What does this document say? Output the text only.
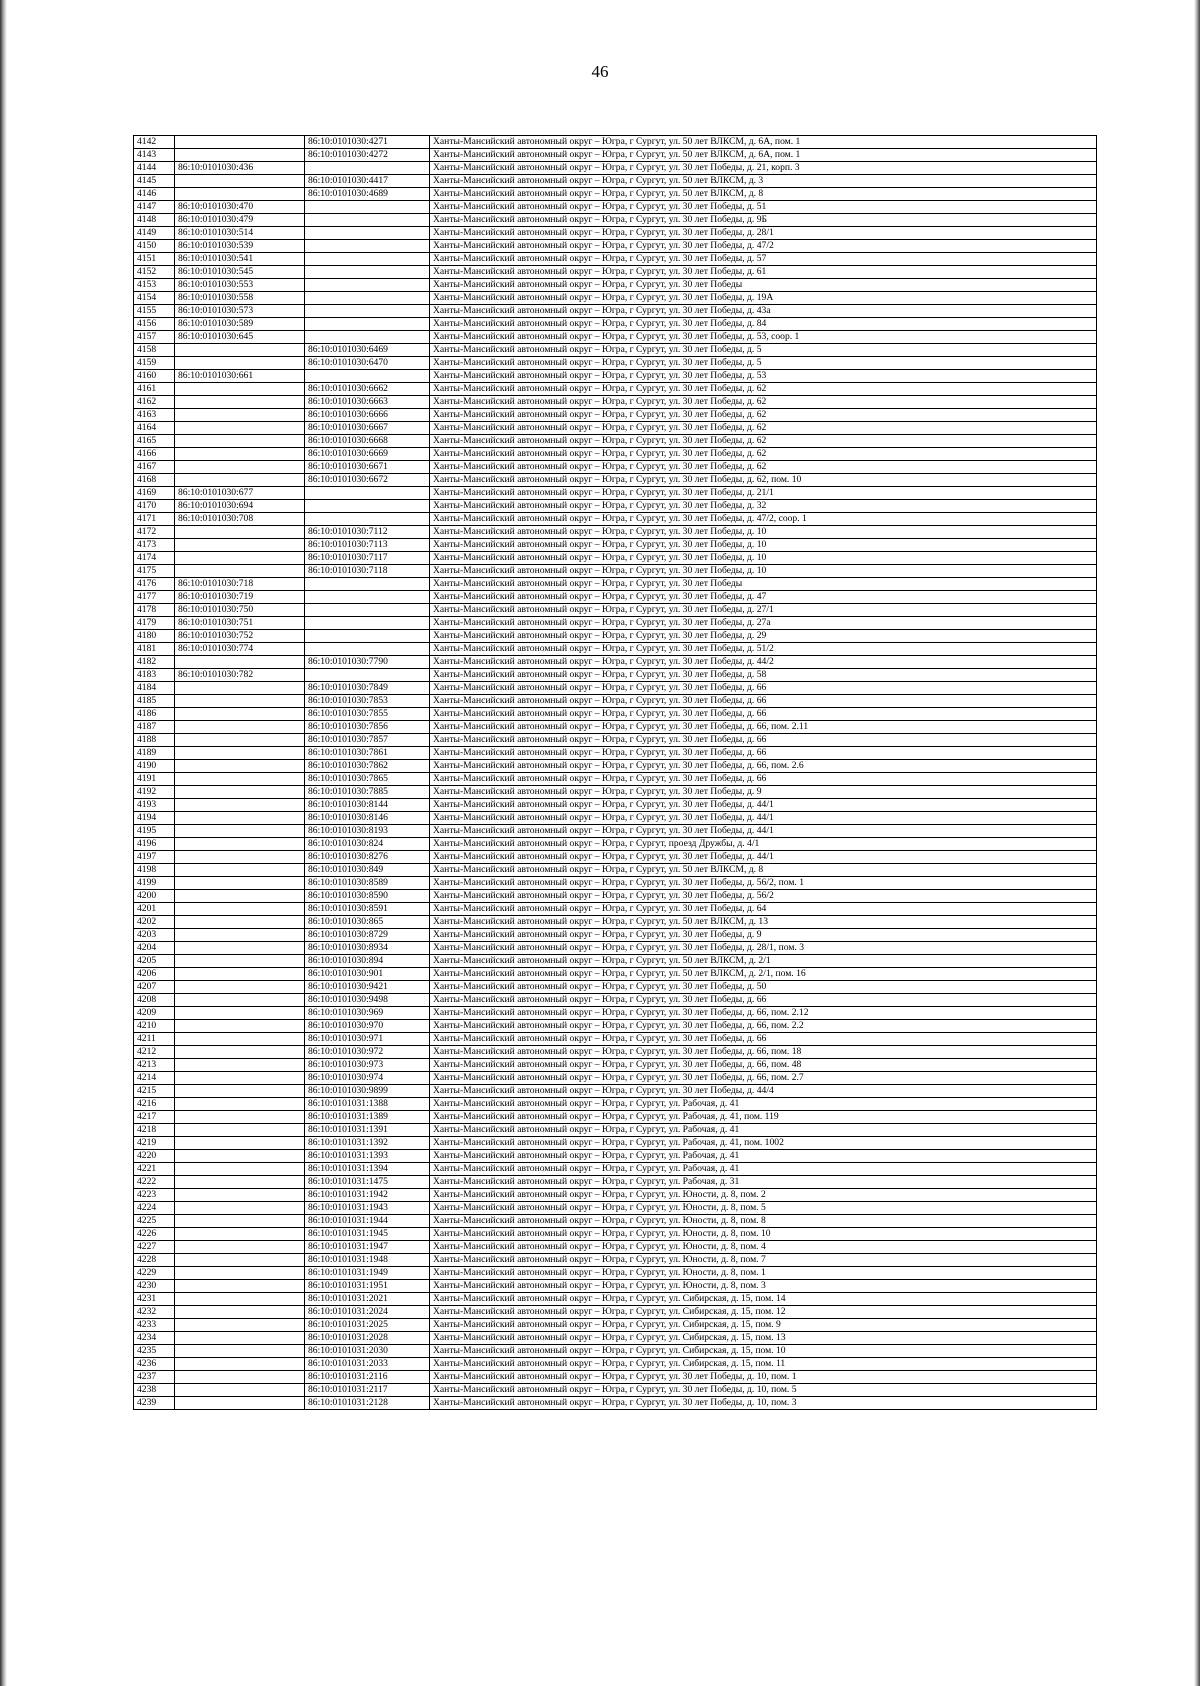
46
4142		86:10:0101030:4271	Ханты-Мансийский автономный округ – Югра, г Сургут, ул. 50 лет ВЛКСМ, д. 6А, пом. 1
4143		86:10:0101030:4272	Ханты-Мансийский автономный округ – Югра, г Сургут, ул. 50 лет ВЛКСМ, д. 6А, пом. 1
4144	86:10:0101030:436		Ханты-Мансийский автономный округ – Югра, г Сургут, ул. 30 лет Победы, д. 21, корп. 3
4145		86:10:0101030:4417	Ханты-Мансийский автономный округ – Югра, г Сургут, ул. 50 лет ВЛКСМ, д. 3
4146		86:10:0101030:4689	Ханты-Мансийский автономный округ – Югра, г Сургут, ул. 50 лет ВЛКСМ, д. 8
4147	86:10:0101030:470		Ханты-Мансийский автономный округ – Югра, г Сургут, ул. 30 лет Победы, д. 51
4148	86:10:0101030:479		Ханты-Мансийский автономный округ – Югра, г Сургут, ул. 30 лет Победы, д. 9Б
4149	86:10:0101030:514		Ханты-Мансийский автономный округ – Югра, г Сургут, ул. 30 лет Победы, д. 28/1
4150	86:10:0101030:539		Ханты-Мансийский автономный округ – Югра, г Сургут, ул. 30 лет Победы, д. 47/2
4151	86:10:0101030:541		Ханты-Мансийский автономный округ – Югра, г Сургут, ул. 30 лет Победы, д. 57
4152	86:10:0101030:545		Ханты-Мансийский автономный округ – Югра, г Сургут, ул. 30 лет Победы, д. 61
4153	86:10:0101030:553		Ханты-Мансийский автономный округ – Югра, г Сургут, ул. 30 лет Победы
4154	86:10:0101030:558		Ханты-Мансийский автономный округ – Югра, г Сургут, ул. 30 лет Победы, д. 19А
4155	86:10:0101030:573		Ханты-Мансийский автономный округ – Югра, г Сургут, ул. 30 лет Победы, д. 43а
4156	86:10:0101030:589		Ханты-Мансийский автономный округ – Югра, г Сургут, ул. 30 лет Победы, д. 84
4157	86:10:0101030:645		Ханты-Мансийский автономный округ – Югра, г Сургут, ул. 30 лет Победы, д. 53, соор. 1
4158		86:10:0101030:6469	Ханты-Мансийский автономный округ – Югра, г Сургут, ул. 30 лет Победы, д. 5
4159		86:10:0101030:6470	Ханты-Мансийский автономный округ – Югра, г Сургут, ул. 30 лет Победы, д. 5
4160	86:10:0101030:661		Ханты-Мансийский автономный округ – Югра, г Сургут, ул. 30 лет Победы, д. 53
4161		86:10:0101030:6662	Ханты-Мансийский автономный округ – Югра, г Сургут, ул. 30 лет Победы, д. 62
4162		86:10:0101030:6663	Ханты-Мансийский автономный округ – Югра, г Сургут, ул. 30 лет Победы, д. 62
4163		86:10:0101030:6666	Ханты-Мансийский автономный округ – Югра, г Сургут, ул. 30 лет Победы, д. 62
4164		86:10:0101030:6667	Ханты-Мансийский автономный округ – Югра, г Сургут, ул. 30 лет Победы, д. 62
4165		86:10:0101030:6668	Ханты-Мансийский автономный округ – Югра, г Сургут, ул. 30 лет Победы, д. 62
4166		86:10:0101030:6669	Ханты-Мансийский автономный округ – Югра, г Сургут, ул. 30 лет Победы, д. 62
4167		86:10:0101030:6671	Ханты-Мансийский автономный округ – Югра, г Сургут, ул. 30 лет Победы, д. 62
4168		86:10:0101030:6672	Ханты-Мансийский автономный округ – Югра, г Сургут, ул. 30 лет Победы, д. 62, пом. 10
4169	86:10:0101030:677		Ханты-Мансийский автономный округ – Югра, г Сургут, ул. 30 лет Победы, д. 21/1
4170	86:10:0101030:694		Ханты-Мансийский автономный округ – Югра, г Сургут, ул. 30 лет Победы, д. 32
4171	86:10:0101030:708		Ханты-Мансийский автономный округ – Югра, г Сургут, ул. 30 лет Победы, д. 47/2, соор. 1
4172		86:10:0101030:7112	Ханты-Мансийский автономный округ – Югра, г Сургут, ул. 30 лет Победы, д. 10
4173		86:10:0101030:7113	Ханты-Мансийский автономный округ – Югра, г Сургут, ул. 30 лет Победы, д. 10
4174		86:10:0101030:7117	Ханты-Мансийский автономный округ – Югра, г Сургут, ул. 30 лет Победы, д. 10
4175		86:10:0101030:7118	Ханты-Мансийский автономный округ – Югра, г Сургут, ул. 30 лет Победы, д. 10
4176	86:10:0101030:718		Ханты-Мансийский автономный округ – Югра, г Сургут, ул. 30 лет Победы
4177	86:10:0101030:719		Ханты-Мансийский автономный округ – Югра, г Сургут, ул. 30 лет Победы, д. 47
4178	86:10:0101030:750		Ханты-Мансийский автономный округ – Югра, г Сургут, ул. 30 лет Победы, д. 27/1
4179	86:10:0101030:751		Ханты-Мансийский автономный округ – Югра, г Сургут, ул. 30 лет Победы, д. 27а
4180	86:10:0101030:752		Ханты-Мансийский автономный округ – Югра, г Сургут, ул. 30 лет Победы, д. 29
4181	86:10:0101030:774		Ханты-Мансийский автономный округ – Югра, г Сургут, ул. 30 лет Победы, д. 51/2
4182		86:10:0101030:7790	Ханты-Мансийский автономный округ – Югра, г Сургут, ул. 30 лет Победы, д. 44/2
4183	86:10:0101030:782		Ханты-Мансийский автономный округ – Югра, г Сургут, ул. 30 лет Победы, д. 58
4184		86:10:0101030:7849	Ханты-Мансийский автономный округ – Югра, г Сургут, ул. 30 лет Победы, д. 66
4185		86:10:0101030:7853	Ханты-Мансийский автономный округ – Югра, г Сургут, ул. 30 лет Победы, д. 66
4186		86:10:0101030:7855	Ханты-Мансийский автономный округ – Югра, г Сургут, ул. 30 лет Победы, д. 66
4187		86:10:0101030:7856	Ханты-Мансийский автономный округ – Югра, г Сургут, ул. 30 лет Победы, д. 66, пом. 2.11
4188		86:10:0101030:7857	Ханты-Мансийский автономный округ – Югра, г Сургут, ул. 30 лет Победы, д. 66
4189		86:10:0101030:7861	Ханты-Мансийский автономный округ – Югра, г Сургут, ул. 30 лет Победы, д. 66
4190		86:10:0101030:7862	Ханты-Мансийский автономный округ – Югра, г Сургут, ул. 30 лет Победы, д. 66, пом. 2.6
4191		86:10:0101030:7865	Ханты-Мансийский автономный округ – Югра, г Сургут, ул. 30 лет Победы, д. 66
4192		86:10:0101030:7885	Ханты-Мансийский автономный округ – Югра, г Сургут, ул. 30 лет Победы, д. 9
4193		86:10:0101030:8144	Ханты-Мансийский автономный округ – Югра, г Сургут, ул. 30 лет Победы, д. 44/1
4194		86:10:0101030:8146	Ханты-Мансийский автономный округ – Югра, г Сургут, ул. 30 лет Победы, д. 44/1
4195		86:10:0101030:8193	Ханты-Мансийский автономный округ – Югра, г Сургут, ул. 30 лет Победы, д. 44/1
4196		86:10:0101030:824	Ханты-Мансийский автономный округ – Югра, г Сургут, проезд Дружбы, д. 4/1
4197		86:10:0101030:8276	Ханты-Мансийский автономный округ – Югра, г Сургут, ул. 30 лет Победы, д. 44/1
4198		86:10:0101030:849	Ханты-Мансийский автономный округ – Югра, г Сургут, ул. 50 лет ВЛКСМ, д. 8
4199		86:10:0101030:8589	Ханты-Мансийский автономный округ – Югра, г Сургут, ул. 30 лет Победы, д. 56/2, пом. 1
4200		86:10:0101030:8590	Ханты-Мансийский автономный округ – Югра, г Сургут, ул. 30 лет Победы, д. 56/2
4201		86:10:0101030:8591	Ханты-Мансийский автономный округ – Югра, г Сургут, ул. 30 лет Победы, д. 64
4202		86:10:0101030:865	Ханты-Мансийский автономный округ – Югра, г Сургут, ул. 50 лет ВЛКСМ, д. 13
4203		86:10:0101030:8729	Ханты-Мансийский автономный округ – Югра, г Сургут, ул. 30 лет Победы, д. 9
4204		86:10:0101030:8934	Ханты-Мансийский автономный округ – Югра, г Сургут, ул. 30 лет Победы, д. 28/1, пом. 3
4205		86:10:0101030:894	Ханты-Мансийский автономный округ – Югра, г Сургут, ул. 50 лет ВЛКСМ, д. 2/1
4206		86:10:0101030:901	Ханты-Мансийский автономный округ – Югра, г Сургут, ул. 50 лет ВЛКСМ, д. 2/1, пом. 16
4207		86:10:0101030:9421	Ханты-Мансийский автономный округ – Югра, г Сургут, ул. 30 лет Победы, д. 50
4208		86:10:0101030:9498	Ханты-Мансийский автономный округ – Югра, г Сургут, ул. 30 лет Победы, д. 66
4209		86:10:0101030:969	Ханты-Мансийский автономный округ – Югра, г Сургут, ул. 30 лет Победы, д. 66, пом. 2.12
4210		86:10:0101030:970	Ханты-Мансийский автономный округ – Югра, г Сургут, ул. 30 лет Победы, д. 66, пом. 2.2
4211		86:10:0101030:971	Ханты-Мансийский автономный округ – Югра, г Сургут, ул. 30 лет Победы, д. 66
4212		86:10:0101030:972	Ханты-Мансийский автономный округ – Югра, г Сургут, ул. 30 лет Победы, д. 66, пом. 18
4213		86:10:0101030:973	Ханты-Мансийский автономный округ – Югра, г Сургут, ул. 30 лет Победы, д. 66, пом. 48
4214		86:10:0101030:974	Ханты-Мансийский автономный округ – Югра, г Сургут, ул. 30 лет Победы, д. 66, пом. 2.7
4215		86:10:0101030:9899	Ханты-Мансийский автономный округ – Югра, г Сургут, ул. 30 лет Победы, д. 44/4
4216		86:10:0101031:1388	Ханты-Мансийский автономный округ – Югра, г Сургут, ул. Рабочая, д. 41
4217		86:10:0101031:1389	Ханты-Мансийский автономный округ – Югра, г Сургут, ул. Рабочая, д. 41, пом. 119
4218		86:10:0101031:1391	Ханты-Мансийский автономный округ – Югра, г Сургут, ул. Рабочая, д. 41
4219		86:10:0101031:1392	Ханты-Мансийский автономный округ – Югра, г Сургут, ул. Рабочая, д. 41, пом. 1002
4220		86:10:0101031:1393	Ханты-Мансийский автономный округ – Югра, г Сургут, ул. Рабочая, д. 41
4221		86:10:0101031:1394	Ханты-Мансийский автономный округ – Югра, г Сургут, ул. Рабочая, д. 41
4222		86:10:0101031:1475	Ханты-Мансийский автономный округ – Югра, г Сургут, ул. Рабочая, д. 31
4223		86:10:0101031:1942	Ханты-Мансийский автономный округ – Югра, г Сургут, ул. Юности, д. 8, пом. 2
4224		86:10:0101031:1943	Ханты-Мансийский автономный округ – Югра, г Сургут, ул. Юности, д. 8, пом. 5
4225		86:10:0101031:1944	Ханты-Мансийский автономный округ – Югра, г Сургут, ул. Юности, д. 8, пом. 8
4226		86:10:0101031:1945	Ханты-Мансийский автономный округ – Югра, г Сургут, ул. Юности, д. 8, пом. 10
4227		86:10:0101031:1947	Ханты-Мансийский автономный округ – Югра, г Сургут, ул. Юности, д. 8, пом. 4
4228		86:10:0101031:1948	Ханты-Мансийский автономный округ – Югра, г Сургут, ул. Юности, д. 8, пом. 7
4229		86:10:0101031:1949	Ханты-Мансийский автономный округ – Югра, г Сургут, ул. Юности, д. 8, пом. 1
4230		86:10:0101031:1951	Ханты-Мансийский автономный округ – Югра, г Сургут, ул. Юности, д. 8, пом. 3
4231		86:10:0101031:2021	Ханты-Мансийский автономный округ – Югра, г Сургут, ул. Сибирская, д. 15, пом. 14
4232		86:10:0101031:2024	Ханты-Мансийский автономный округ – Югра, г Сургут, ул. Сибирская, д. 15, пом. 12
4233		86:10:0101031:2025	Ханты-Мансийский автономный округ – Югра, г Сургут, ул. Сибирская, д. 15, пом. 9
4234		86:10:0101031:2028	Ханты-Мансийский автономный округ – Югра, г Сургут, ул. Сибирская, д. 15, пом. 13
4235		86:10:0101031:2030	Ханты-Мансийский автономный округ – Югра, г Сургут, ул. Сибирская, д. 15, пом. 10
4236		86:10:0101031:2033	Ханты-Мансийский автономный округ – Югра, г Сургут, ул. Сибирская, д. 15, пом. 11
4237		86:10:0101031:2116	Ханты-Мансийский автономный округ – Югра, г Сургут, ул. 30 лет Победы, д. 10, пом. 1
4238		86:10:0101031:2117	Ханты-Мансийский автономный округ – Югра, г Сургут, ул. 30 лет Победы, д. 10, пом. 5
4239		86:10:0101031:2128	Ханты-Мансийский автономный округ – Югра, г Сургут, ул. 30 лет Победы, д. 10, пом. 3
